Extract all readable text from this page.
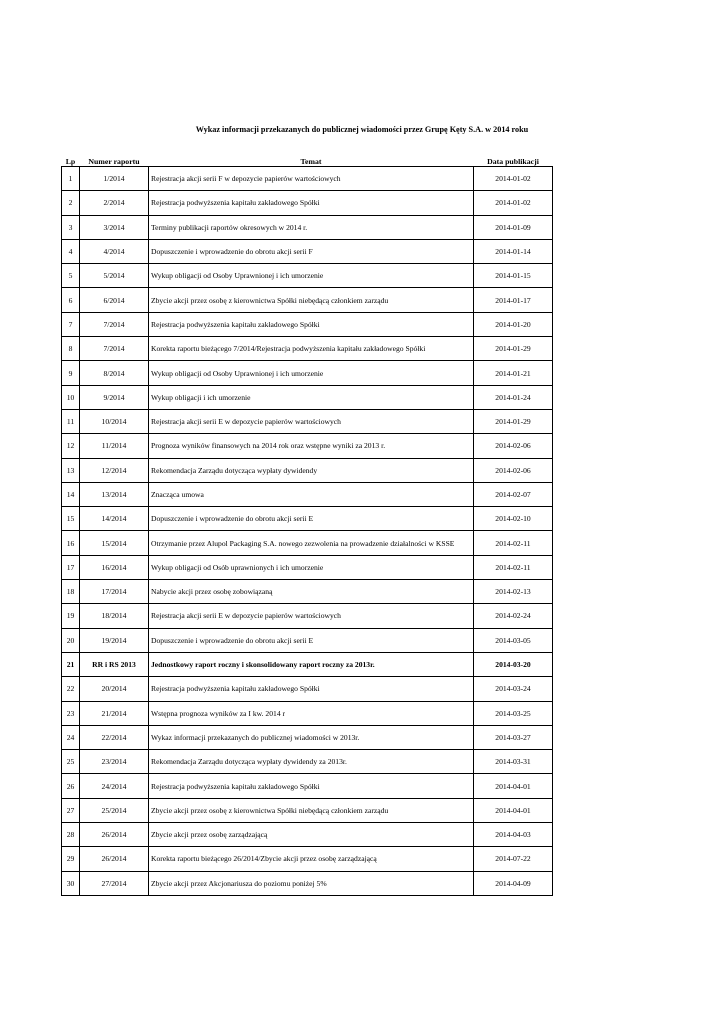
Wykaz informacji przekazanych do publicznej wiadomości przez Grupę Kęty S.A. w 2014 roku
Lp	Numer raportu	Temat	Data publikacji
1	1/2014	Rejestracja akcji serii F w depozycie papierów wartościowych	2014-01-02
2	2/2014	Rejestracja podwyższenia kapitału zakładowego Spółki	2014-01-02
3	3/2014	Terminy publikacji raportów okresowych w 2014 r.	2014-01-09
4	4/2014	Dopuszczenie i wprowadzenie do obrotu akcji serii F	2014-01-14
5	5/2014	Wykup obligacji od Osoby Uprawnionej i ich umorzenie	2014-01-15
6	6/2014	Zbycie akcji przez osobę z kierownictwa Spółki niebędącą członkiem zarządu	2014-01-17
7	7/2014	Rejestracja podwyższenia kapitału zakładowego Spółki	2014-01-20
8	7/2014	Korekta raportu bieżącego 7/2014/Rejestracja podwyższenia kapitału zakładowego Spółki	2014-01-29
9	8/2014	Wykup obligacji od Osoby Uprawnionej i ich umorzenie	2014-01-21
10	9/2014	Wykup obligacji i ich umorzenie	2014-01-24
11	10/2014	Rejestracja akcji serii E w depozycie papierów wartościowych	2014-01-29
12	11/2014	Prognoza wyników finansowych na 2014 rok oraz wstępne wyniki za 2013 r.	2014-02-06
13	12/2014	Rekomendacja Zarządu dotycząca wypłaty dywidendy	2014-02-06
14	13/2014	Znacząca umowa	2014-02-07
15	14/2014	Dopuszczenie i wprowadzenie do obrotu akcji serii E	2014-02-10
16	15/2014	Otrzymanie przez Alupol Packaging S.A. nowego zezwolenia na prowadzenie działalności w KSSE	2014-02-11
17	16/2014	Wykup obligacji od Osób uprawnionych i ich umorzenie	2014-02-11
18	17/2014	Nabycie akcji przez osobę zobowiązaną	2014-02-13
19	18/2014	Rejestracja akcji serii E w depozycie papierów wartościowych	2014-02-24
20	19/2014	Dopuszczenie i wprowadzenie do obrotu akcji serii E	2014-03-05
21	RR i RS 2013	Jednostkowy raport roczny i skonsolidowany raport roczny za 2013r.	2014-03-20
22	20/2014	Rejestracja podwyższenia kapitału zakładowego Spółki	2014-03-24
23	21/2014	Wstępna prognoza wyników za I kw. 2014 r	2014-03-25
24	22/2014	Wykaz informacji przekazanych do publicznej wiadomości w 2013r.	2014-03-27
25	23/2014	Rekomendacja Zarządu dotycząca wypłaty dywidendy za 2013r.	2014-03-31
26	24/2014	Rejestracja podwyższenia kapitału zakładowego Spółki	2014-04-01
27	25/2014	Zbycie akcji przez osobę z kierownictwa Spółki niebędącą członkiem zarządu	2014-04-01
28	26/2014	Zbycie akcji przez osobę zarządzającą	2014-04-03
29	26/2014	Korekta raportu bieżącego 26/2014/Zbycie akcji przez osobę zarządzającą	2014-07-22
30	27/2014	Zbycie akcji przez Akcjonariusza do poziomu poniżej 5%	2014-04-09
